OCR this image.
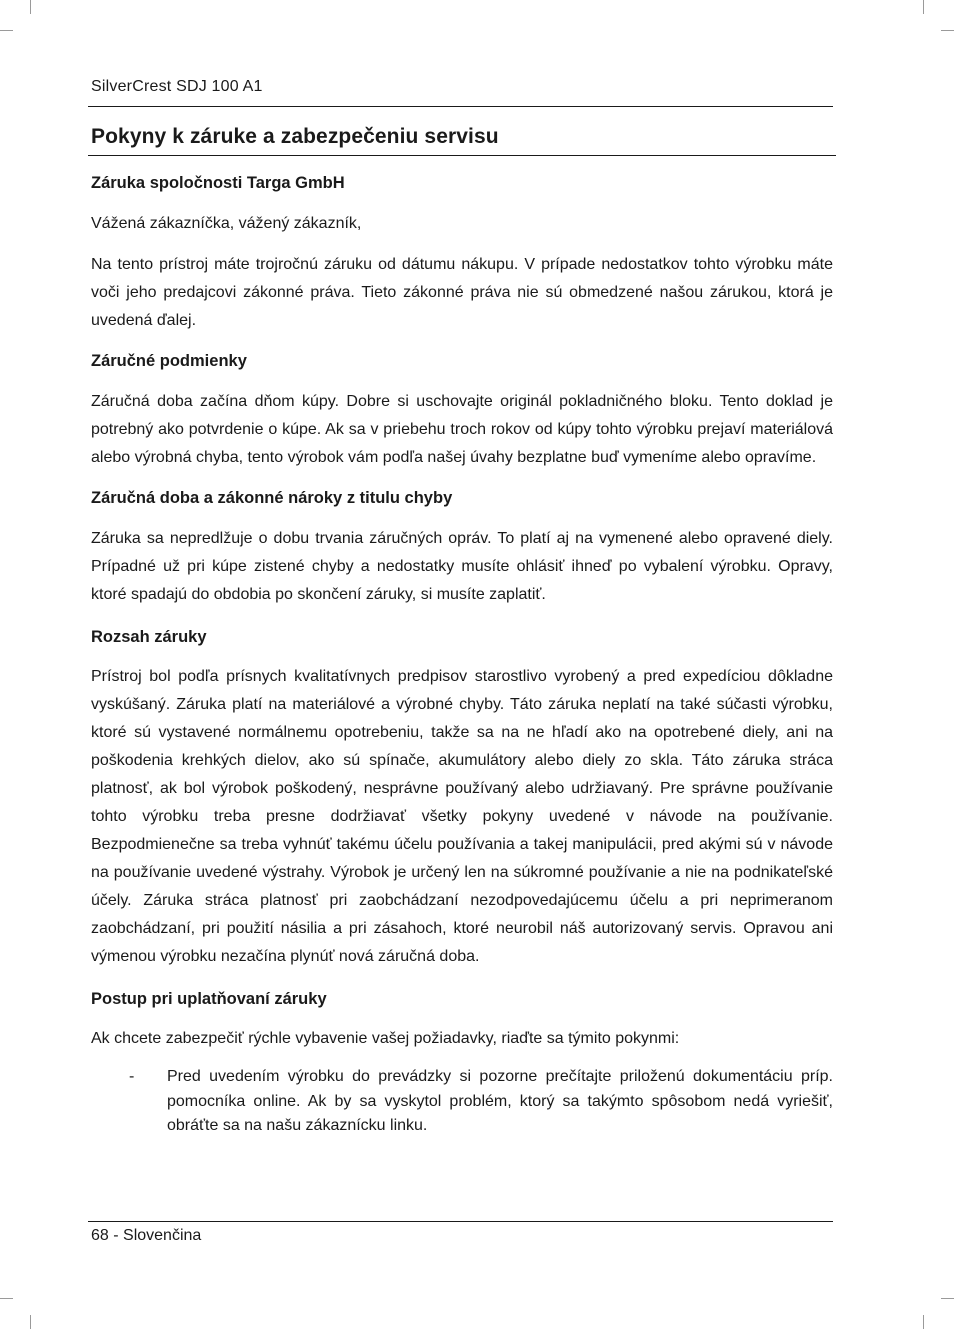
SilverCrest SDJ 100 A1
Pokyny k záruke a zabezpečeniu servisu
Záruka spoločnosti Targa GmbH

Vážená zákazníčka, vážený zákazník,

Na tento prístroj máte trojročnú záruku od dátumu nákupu. V prípade nedostatkov tohto výrobku máte voči jeho predajcovi zákonné práva. Tieto zákonné práva nie sú obmedzené našou zárukou, ktorá je uvedená ďalej.

Záručné podmienky

Záručná doba začína dňom kúpy. Dobre si uschovajte originál pokladničného bloku. Tento doklad je potrebný ako potvrdenie o kúpe. Ak sa v priebehu troch rokov od kúpy tohto výrobku prejaví materiálová alebo výrobná chyba, tento výrobok vám podľa našej úvahy bezplatne buď vymeníme alebo opravíme.

Záručná doba a zákonné nároky z titulu chyby

Záruka sa nepredlžuje o dobu trvania záručných opráv. To platí aj na vymenené alebo opravené diely. Prípadné už pri kúpe zistené chyby a nedostatky musíte ohlásiť ihneď po vybalení výrobku. Opravy, ktoré spadajú do obdobia po skončení záruky, si musíte zaplatiť.

Rozsah záruky

Prístroj bol podľa prísnych kvalitatívnych predpisov starostlivo vyrobený a pred expedíciou dôkladne vyskúšaný. Záruka platí na materiálové a výrobné chyby. Táto záruka neplatí na také súčasti výrobku, ktoré sú vystavené normálnemu opotrebeniu, takže sa na ne hľadí ako na opotrebené diely, ani na poškodenia krehkých dielov, ako sú spínače, akumulátory alebo diely zo skla. Táto záruka stráca platnosť, ak bol výrobok poškodený, nesprávne používaný alebo udržiavaný. Pre správne používanie tohto výrobku treba presne dodržiavať všetky pokyny uvedené v návode na používanie. Bezpodmienečne sa treba vyhnúť takému účelu používania a takej manipulácii, pred akými sú v návode na používanie uvedené výstrahy. Výrobok je určený len na súkromné používanie a nie na podnikateľské účely. Záruka stráca platnosť pri zaobchádzaní nezodpovedajúcemu účelu a pri neprimeranom zaobchádzaní, pri použití násilia a pri zásahoch, ktoré neurobil náš autorizovaný servis. Opravou ani výmenou výrobku nezačína plynúť nová záručná doba.

Postup pri uplatňovaní záruky

Ak chcete zabezpečiť rýchle vybavenie vašej požiadavky, riaďte sa týmito pokynmi:

-	Pred uvedením výrobku do prevádzky si pozorne prečítajte priloženú dokumentáciu príp. pomocníka online. Ak by sa vyskytol problém, ktorý sa takýmto spôsobom nedá vyriešiť, obráťte sa na našu zákaznícku linku.
68 - Slovenčina
